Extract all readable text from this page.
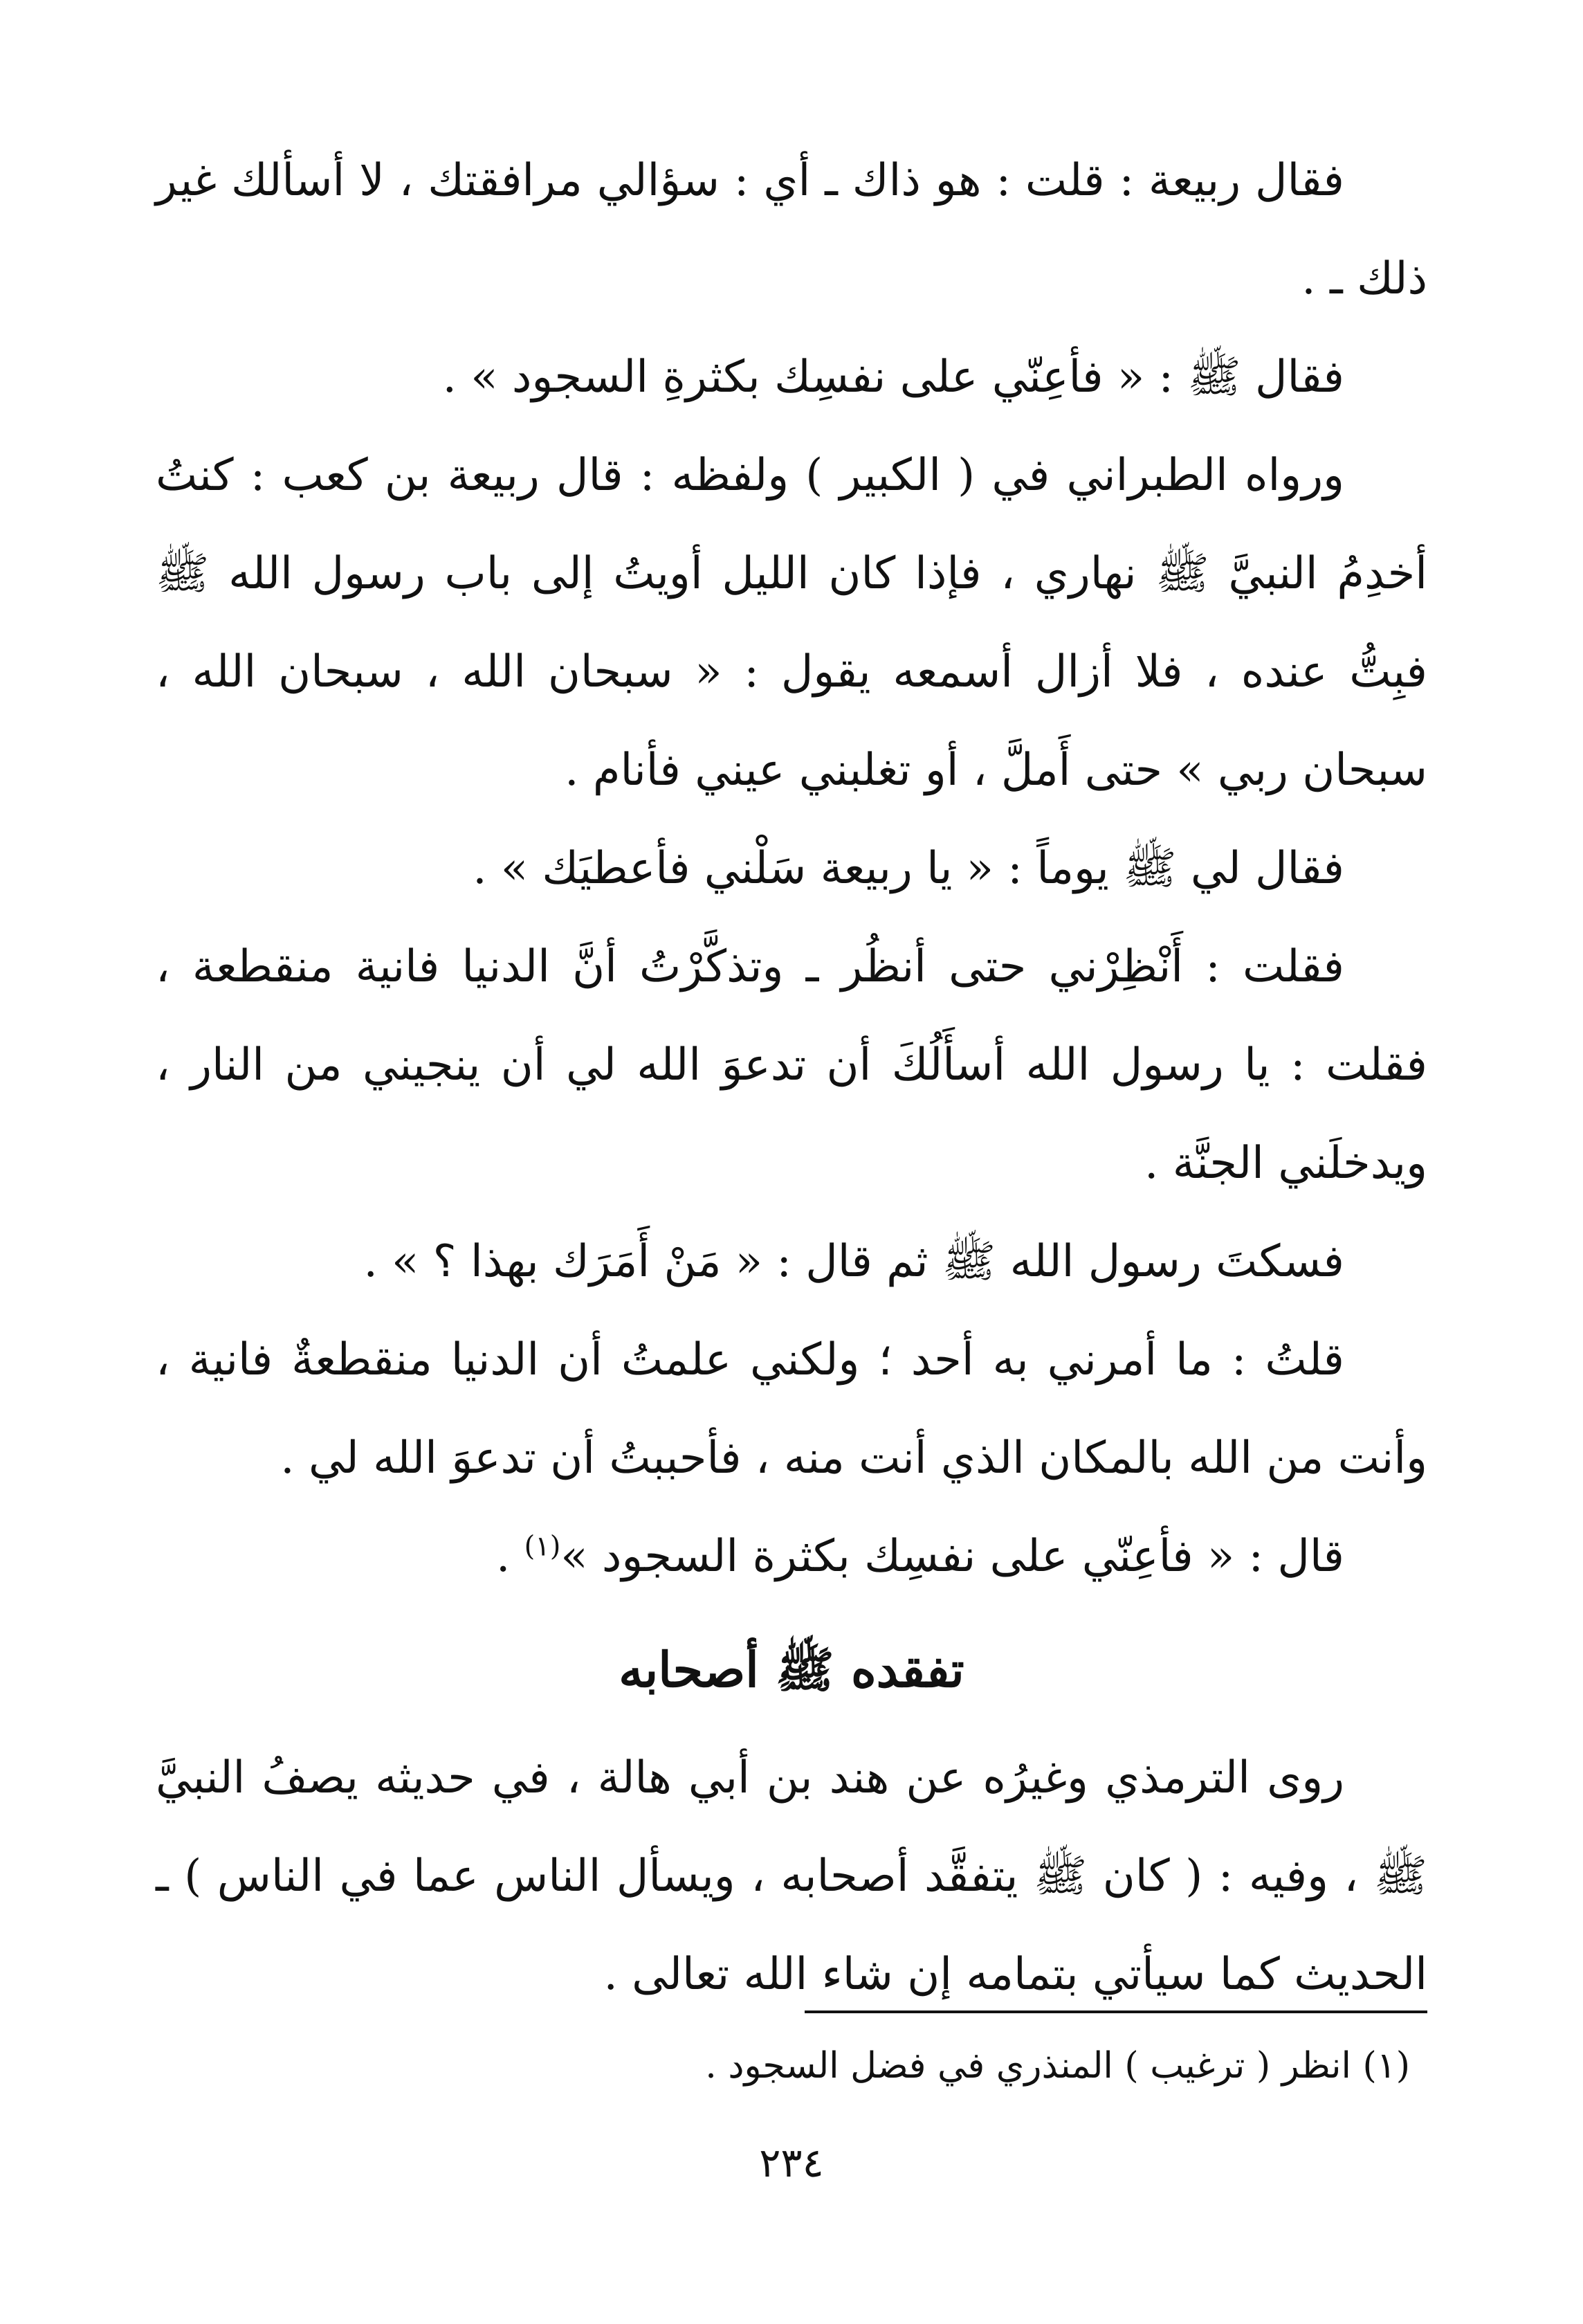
فقال ربيعة : قلت : هو ذاك ـ أي : سؤالي مرافقتك ، لا أسألك غير ذلك ـ .

فقال ﷺ : « فأعِنّي على نفسِك بكثرةِ السجود » .

ورواه الطبراني في ( الكبير ) ولفظه : قال ربيعة بن كعب : كنتُ أخدِمُ النبيَّ ﷺ نهاري ، فإذا كان الليل أويتُ إلى باب رسول الله ﷺ فبِتُّ عنده ، فلا أزال أسمعه يقول : « سبحان الله ، سبحان الله ، سبحان ربي » حتى أَملَّ ، أو تغلبني عيني فأنام .

فقال لي ﷺ يوماً : « يا ربيعة سَلْني فأعطيَك » .

فقلت : أَنْظِرْني حتى أنظُر ـ وتذكَّرْتُ أنَّ الدنيا فانية منقطعة ، فقلت : يا رسول الله أسأَلُكَ أن تدعوَ الله لي أن ينجيني من النار ، ويدخلَني الجنَّة .

فسكتَ رسول الله ﷺ ثم قال : « مَنْ أَمَرَك بهذا ؟ » .

قلتُ : ما أمرني به أحد ؛ ولكني علمتُ أن الدنيا منقطعةٌ فانية ، وأنت من الله بالمكان الذي أنت منه ، فأحببتُ أن تدعوَ الله لي .

قال : « فأعِنّي على نفسِك بكثرة السجود »$^{(١)}$ .

تفقده ﷺ أصحابه

روى الترمذي وغيرُه عن هند بن أبي هالة ، في حديثه يصفُ النبيَّ ﷺ ، وفيه : ( كان ﷺ يتفقَّد أصحابه ، ويسأل الناس عما في الناس ) ـ الحديث كما سيأتي بتمامه إن شاء الله تعالى .

(١) انظر ( ترغيب ) المنذري في فضل السجود .
٢٣٤
